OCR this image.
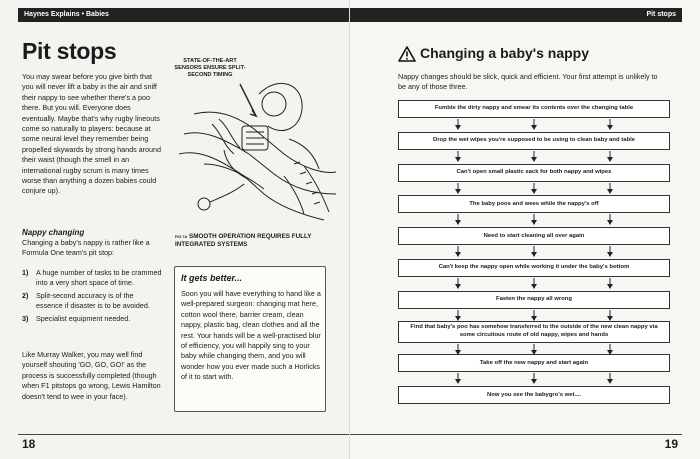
Haynes Explains • Babies
Pit stops

You may swear before you give birth that you will never lift a baby in the air and sniff their nappy to see whether there's a poo there. But you will. Everyone does eventually. Maybe that's why rugby lineouts come so naturally to players: because at some neural level they remember being propelled skywards by strong hands around their waist (though the smell in an international rugby scrum is many times worse than anything a dozen babies could conjure up).

Nappy changing

Changing a baby's nappy is rather like a Formula One team's pit stop:

1)	A huge number of tasks to be crammed into a very short space of time.
2)	Split-second accuracy is of the essence if disaster is to be avoided.
3)	Specialist equipment needed.

Like Murray Walker, you may well find yourself shouting 'GO, GO, GO!' as the process is successfully completed (though when F1 pitstops go wrong, Lewis Hamilton doesn't tend to wee in your face).

STATE-OF-THE-ART SENSORS ENSURE SPLIT-SECOND TIMING
FIG 7A SMOOTH OPERATION REQUIRES FULLY INTEGRATED SYSTEMS
It gets better...

Soon you will have everything to hand like a well-prepared surgeon: changing mat here, cotton wool there, barrier cream, clean nappy, plastic bag, clean clothes and all the rest. Your hands will be a well-practised blur of efficiency, you will happily sing to your baby while changing them, and you will wonder how you ever made such a Horlicks of it to start with.

18
Pit stops
Changing a baby's nappy

Nappy changes should be slick, quick and efficient. Your first attempt is unlikely to be any of those three.

Fumble the dirty nappy and smear its contents over the changing table
Drop the wet wipes you're supposed to be using to clean baby and table
Can't open small plastic sack for both nappy and wipes
The baby poos and wees while the nappy's off
Need to start cleaning all over again
Can't keep the nappy open while working it under the baby's bottom
Fasten the nappy all wrong
Find that baby's poo has somehow transferred to the outside of the new clean nappy via some circuitous route of old nappy, wipes and hands
Take off the new nappy and start again
Now you see the babygro's wet....
19
